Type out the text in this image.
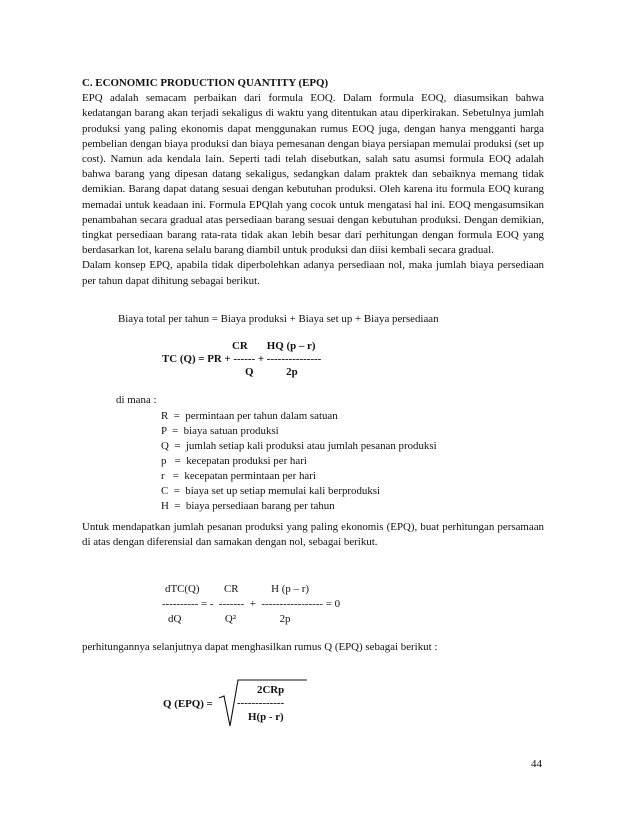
C. ECONOMIC PRODUCTION QUANTITY (EPQ)

EPQ adalah semacam perbaikan dari formula EOQ. Dalam formula EOQ, diasumsikan bahwa kedatangan barang akan terjadi sekaligus di waktu yang ditentukan atau diperkirakan. Sebetulnya jumlah produksi yang paling ekonomis dapat menggunakan rumus EOQ juga, dengan hanya mengganti harga pembelian dengan biaya produksi dan biaya pemesanan dengan biaya persiapan memulai produksi (set up cost). Namun ada kendala lain. Seperti tadi telah disebutkan, salah satu asumsi formula EOQ adalah bahwa barang yang dipesan datang sekaligus, sedangkan dalam praktek dan sebaiknya memang tidak demikian. Barang dapat datang sesuai dengan kebutuhan produksi. Oleh karena itu formula EOQ kurang memadai untuk keadaan ini. Formula EPQlah yang cocok untuk mengatasi hal ini. EOQ mengasumsikan penambahan secara gradual atas persediaan barang sesuai dengan kebutuhan produksi. Dengan demikian, tingkat persediaan barang rata-rata tidak akan lebih besar dari perhitungan dengan formula EOQ yang berdasarkan lot, karena selalu barang diambil untuk produksi dan diisi kembali secara gradual.

Dalam konsep EPQ, apabila tidak diperbolehkan adanya persediaan nol, maka jumlah biaya persediaan per tahun dapat dihitung sebagai berikut.

Biaya total per tahun = Biaya produksi + Biaya set up + Biaya persediaan
CR       HQ (p – r)
TC (Q) = PR + ------ + ---------------
Q            2p
di mana :
R  =  permintaan per tahun dalam satuan
P  =  biaya satuan produksi
Q  =  jumlah setiap kali produksi atau jumlah pesanan produksi
p   =  kecepatan produksi per hari
r   =  kecepatan permintaan per hari
C  =  biaya set up setiap memulai kali berproduksi
H  =  biaya persediaan barang per tahun

Untuk mendapatkan jumlah pesanan produksi yang paling ekonomis (EPQ), buat perhitungan persamaan di atas dengan diferensial dan samakan dengan nol, sebagai berikut.

dTC(Q)         CR            H (p – r)
---------- = -  -------  +  ----------------- = 0
dQ                Q²                2p
perhitungannya selanjutnya dapat menghasilkan rumus Q (EPQ) sebagai berikut :
Q (EPQ) =
2CRp
-------------
H(p - r)
44
